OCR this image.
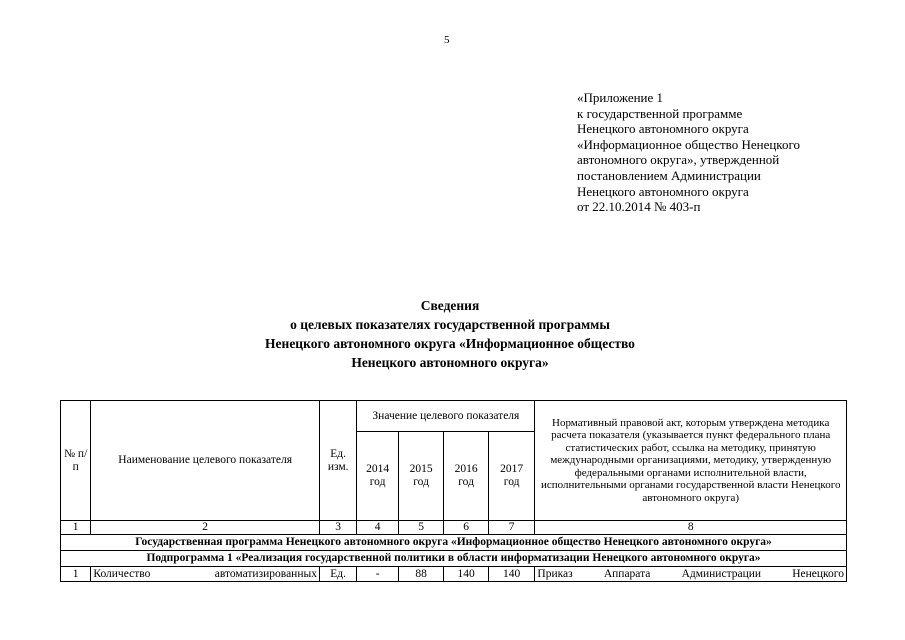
5
«Приложение 1
к государственной программе
Ненецкого автономного округа
«Информационное общество Ненецкого
автономного округа», утвержденной
постановлением Администрации
Ненецкого автономного округа
от 22.10.2014 № 403-п
Сведения
о целевых показателях государственной программы
Ненецкого автономного округа «Информационное общество
Ненецкого автономного округа»
№ п/п	Наименование целевого показателя	Ед. изм.	Значение целевого показателя				Нормативный правовой акт, которым утверждена методика расчета показателя (указывается пункт федерального плана статистических работ, ссылка на методику, принятую международными организациями, методику, утвержденную федеральными органами исполнительной власти, исполнительными органами государственной власти Ненецкого автономного округа)
			2014 год	2015 год	2016 год	2017 год	
1	2	3	4	5	6	7	8
Государственная программа Ненецкого автономного округа «Информационное общество Ненецкого автономного округа»							
Подпрограмма 1 «Реализация государственной политики в области информатизации Ненецкого автономного округа»							
1	Количество автоматизированных	Ед.	-	88	140	140	Приказ Аппарата Администрации Ненецкого
